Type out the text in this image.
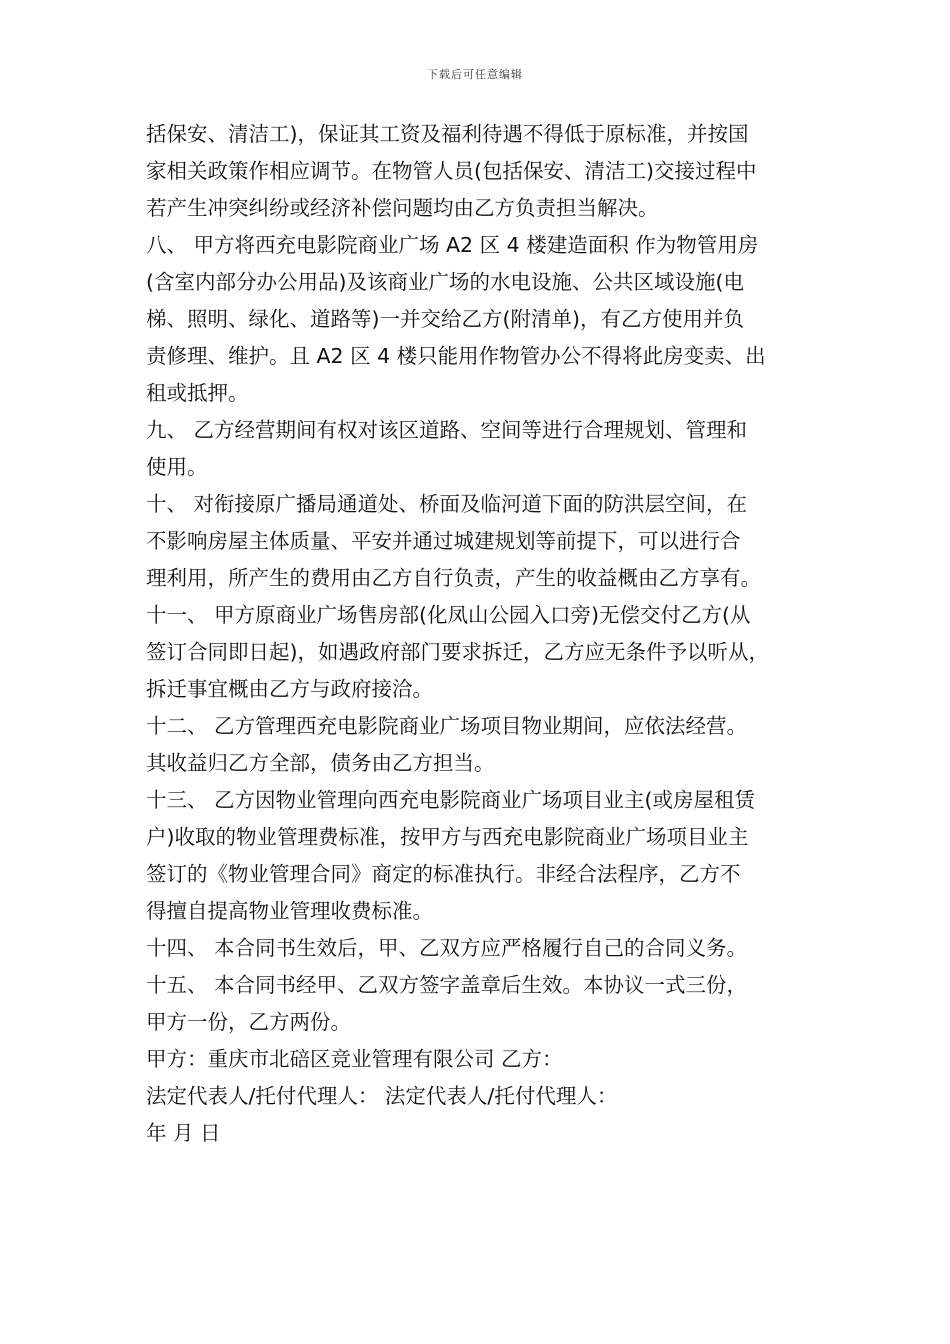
下载后可任意编辑
括保安、清洁工)，保证其工资及福利待遇不得低于原标准，并按国
家相关政策作相应调节。在物管人员(包括保安、清洁工)交接过程中
若产生冲突纠纷或经济补偿问题均由乙方负责担当解决。
八、 甲方将西充电影院商业广场 A2 区 4 楼建造面积 作为物管用房
(含室内部分办公用品)及该商业广场的水电设施、公共区域设施(电
梯、照明、绿化、道路等)一并交给乙方(附清单)，有乙方使用并负
责修理、维护。且 A2 区 4 楼只能用作物管办公不得将此房变卖、出
租或抵押。
九、 乙方经营期间有权对该区道路、空间等进行合理规划、管理和
使用。
十、 对衔接原广播局通道处、桥面及临河道下面的防洪层空间，在
不影响房屋主体质量、平安并通过城建规划等前提下，可以进行合
理利用，所产生的费用由乙方自行负责，产生的收益概由乙方享有。
十一、 甲方原商业广场售房部(化凤山公园入口旁)无偿交付乙方(从
签订合同即日起)，如遇政府部门要求拆迁，乙方应无条件予以听从，
拆迁事宜概由乙方与政府接洽。
十二、 乙方管理西充电影院商业广场项目物业期间，应依法经营。
其收益归乙方全部，债务由乙方担当。
十三、 乙方因物业管理向西充电影院商业广场项目业主(或房屋租赁
户)收取的物业管理费标准，按甲方与西充电影院商业广场项目业主
签订的《物业管理合同》商定的标准执行。非经合法程序，乙方不
得擅自提高物业管理收费标准。
十四、 本合同书生效后，甲、乙双方应严格履行自己的合同义务。
十五、 本合同书经甲、乙双方签字盖章后生效。本协议一式三份，
甲方一份，乙方两份。
甲方：重庆市北碚区竞业管理有限公司 乙方：
法定代表人/托付代理人： 法定代表人/托付代理人：
年 月 日
